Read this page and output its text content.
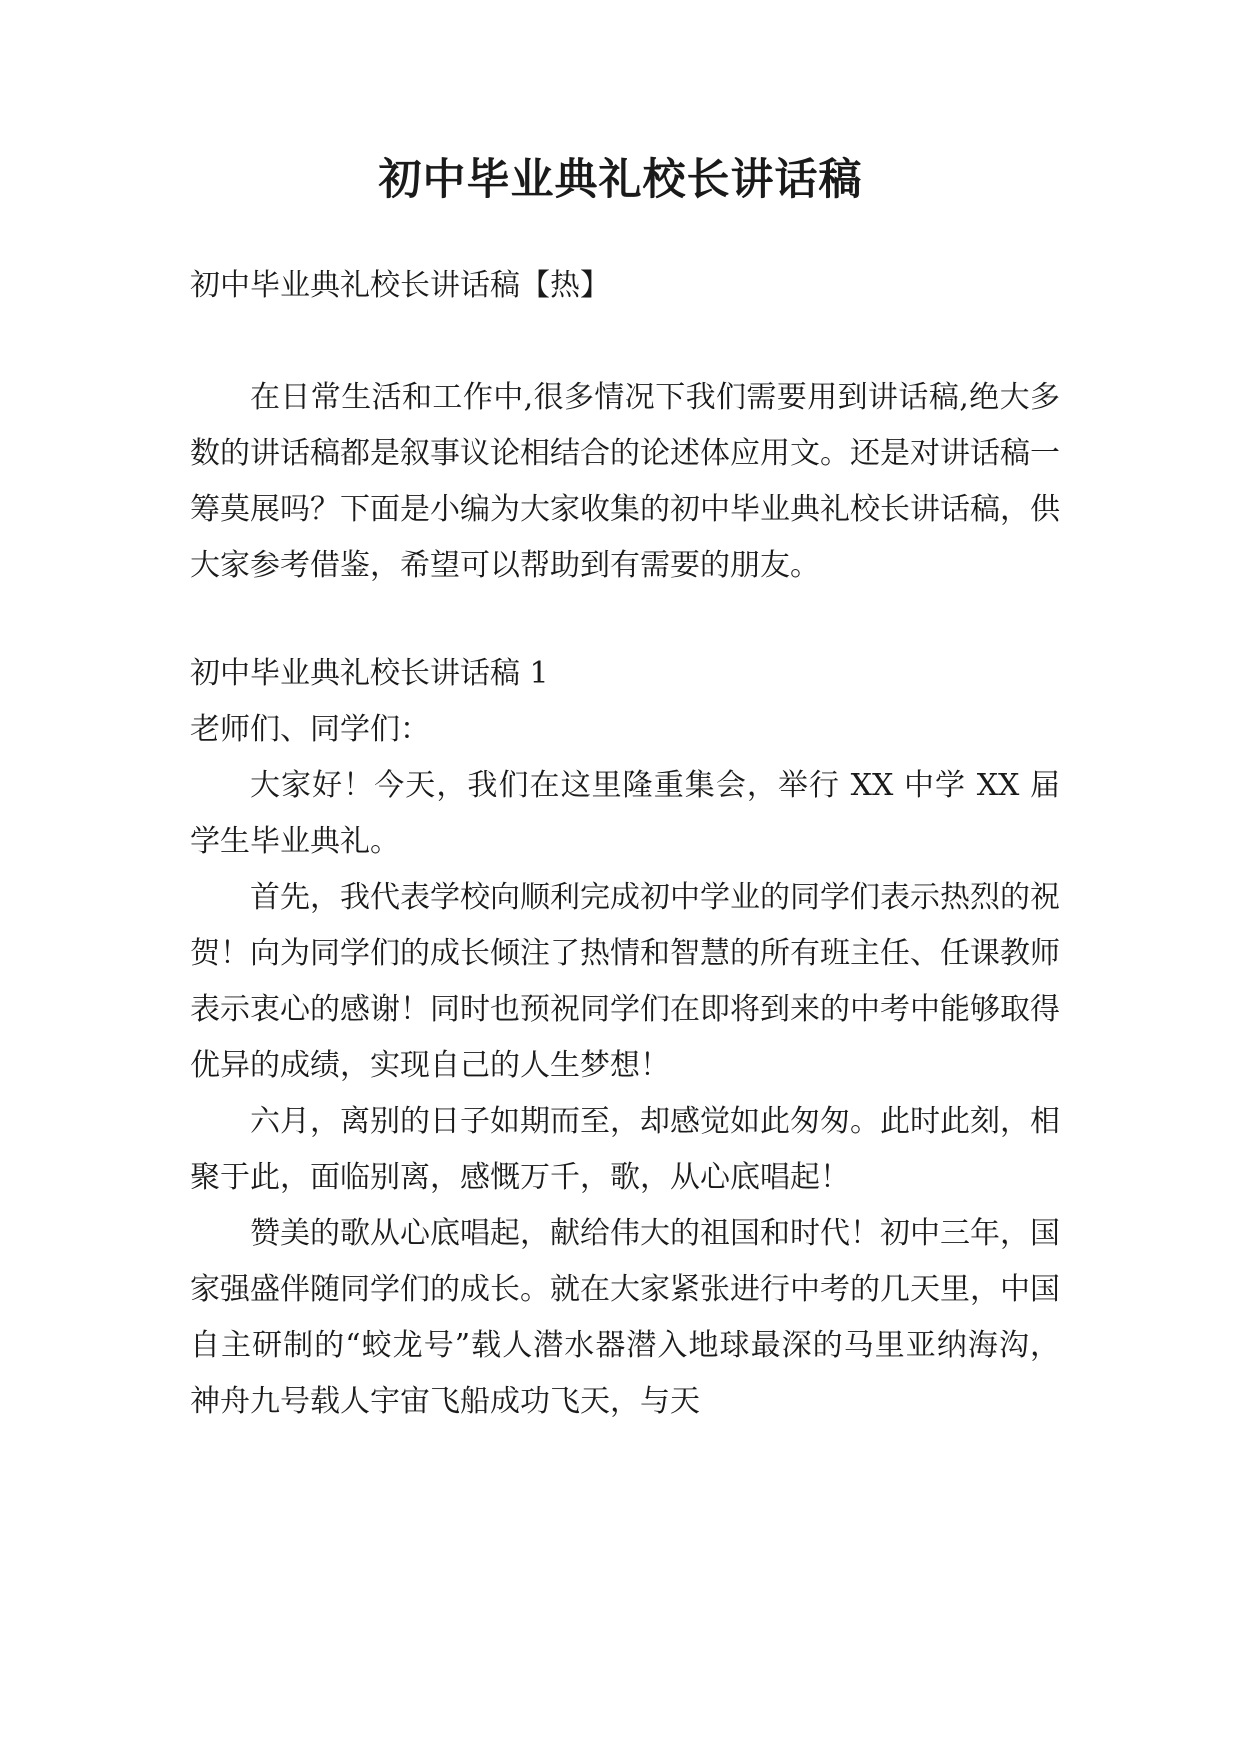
初中毕业典礼校长讲话稿

初中毕业典礼校长讲话稿【热】

在日常生活和工作中,很多情况下我们需要用到讲话稿,绝大多数的讲话稿都是叙事议论相结合的论述体应用文。还是对讲话稿一筹莫展吗？下面是小编为大家收集的初中毕业典礼校长讲话稿，供大家参考借鉴，希望可以帮助到有需要的朋友。

初中毕业典礼校长讲话稿 1

老师们、同学们：

大家好！今天，我们在这里隆重集会，举行 XX 中学 XX 届学生毕业典礼。

首先，我代表学校向顺利完成初中学业的同学们表示热烈的祝贺！向为同学们的成长倾注了热情和智慧的所有班主任、任课教师表示衷心的感谢！同时也预祝同学们在即将到来的中考中能够取得优异的成绩，实现自己的人生梦想！

六月，离别的日子如期而至，却感觉如此匆匆。此时此刻，相聚于此，面临别离，感慨万千，歌，从心底唱起！

赞美的歌从心底唱起，献给伟大的祖国和时代！初中三年，国家强盛伴随同学们的成长。就在大家紧张进行中考的几天里，中国自主研制的“蛟龙号”载人潜水器潜入地球最深的马里亚纳海沟，神舟九号载人宇宙飞船成功飞天，与天
